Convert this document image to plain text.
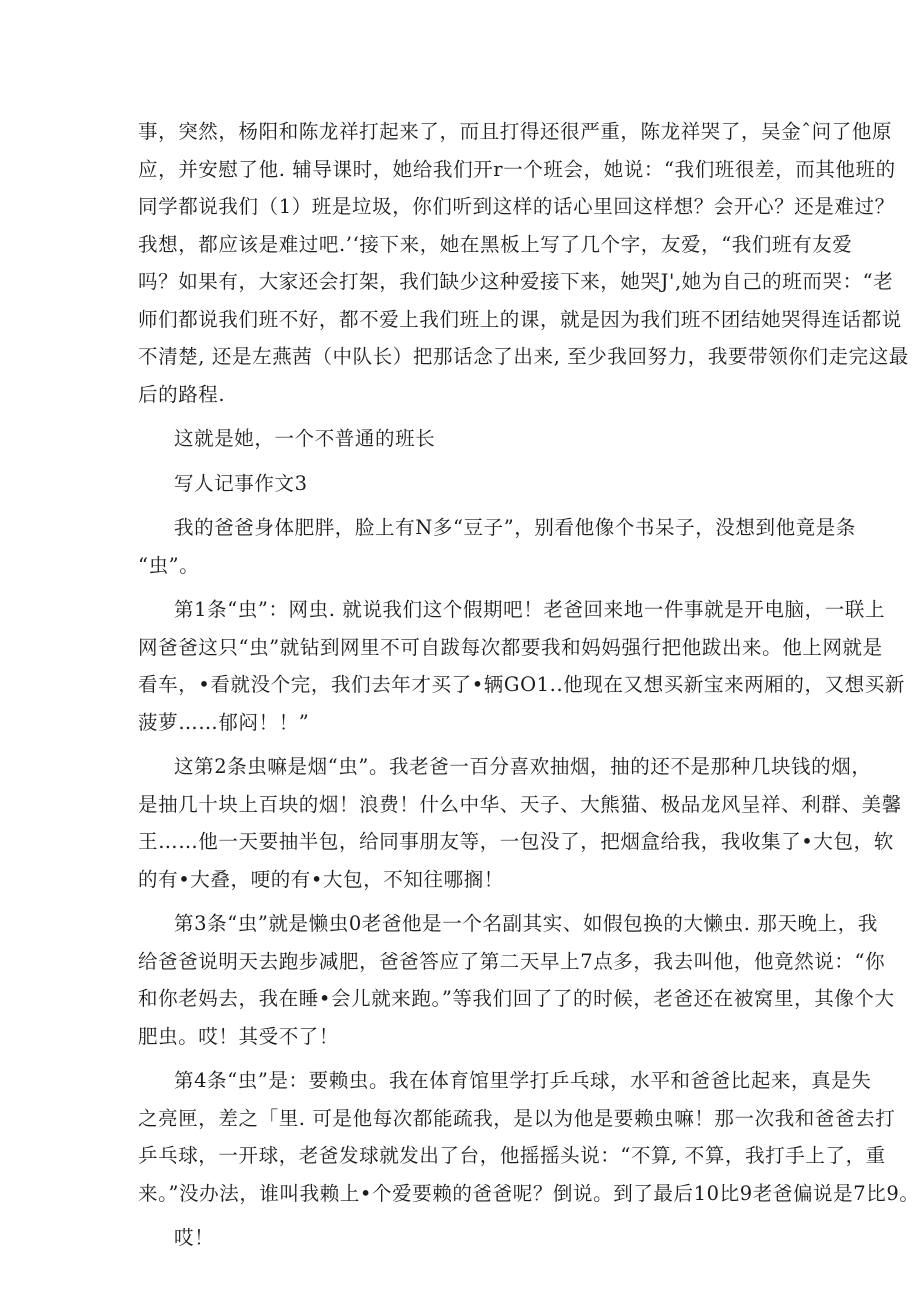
事，突然，杨阳和陈龙祥打起来了，而且打得还很严重，陈龙祥哭了，吴金ˆ问了他原
应，并安慰了他. 辅导课时，她给我们开r一个班会，她说：“我们班很差，而其他班的
同学都说我们（1）班是垃圾，你们听到这样的话心里回这样想？会开心？还是难过？
我想，都应该是难过吧.’‘接下来，她在黑板上写了几个字，友爱，“我们班有友爱
吗？如果有，大家还会打架，我们缺少这种爱接下来，她哭J',她为自己的班而哭：“老
师们都说我们班不好，都不爱上我们班上的课，就是因为我们班不团结她哭得连话都说
不清楚, 还是左燕茜（中队长）把那话念了出来, 至少我回努力，我要带领你们走完这最
后的路程.
这就是她，一个不普通的班长
写人记事作文3
我的爸爸身体肥胖，脸上有N多“豆子”，别看他像个书呆子，没想到他竟是条
“虫”。
第1条“虫”：网虫. 就说我们这个假期吧！老爸回来地一件事就是开电脑，一联上
网爸爸这只“虫”就钻到网里不可自跋每次都要我和妈妈强行把他跋出来。他上网就是
看车，•看就没个完，我们去年才买了•辆GO1..他现在又想买新宝来两厢的，又想买新
菠萝……郁闷！！”
这第2条虫嘛是烟“虫”。我老爸一百分喜欢抽烟，抽的还不是那种几块钱的烟，
是抽几十块上百块的烟！浪费！什么中华、天子、大熊猫、极品龙风呈祥、利群、美馨
王……他一天要抽半包，给同事朋友等，一包没了，把烟盒给我，我收集了•大包，软
的有•大叠，哽的有•大包，不知往哪搁！
第3条“虫”就是懒虫0老爸他是一个名副其实、如假包换的大懒虫. 那天晚上，我
给爸爸说明天去跑步减肥，爸爸答应了第二天早上7点多，我去叫他，他竟然说：“你
和你老妈去，我在睡•会儿就来跑。”等我们回了了的时候，老爸还在被窝里，其像个大
肥虫。哎！其受不了！
第4条“虫”是：要赖虫。我在体育馆里学打乒乓球，水平和爸爸比起来，真是失
之亮匣，差之「里. 可是他每次都能疏我，是以为他是要赖虫嘛！那一次我和爸爸去打
乒乓球，一开球，老爸发球就发出了台，他摇摇头说：“不算, 不算，我打手上了，重
来。”没办法，谁叫我赖上•个爱要赖的爸爸呢？倒说。到了最后10比9老爸偏说是7比9。
哎！
